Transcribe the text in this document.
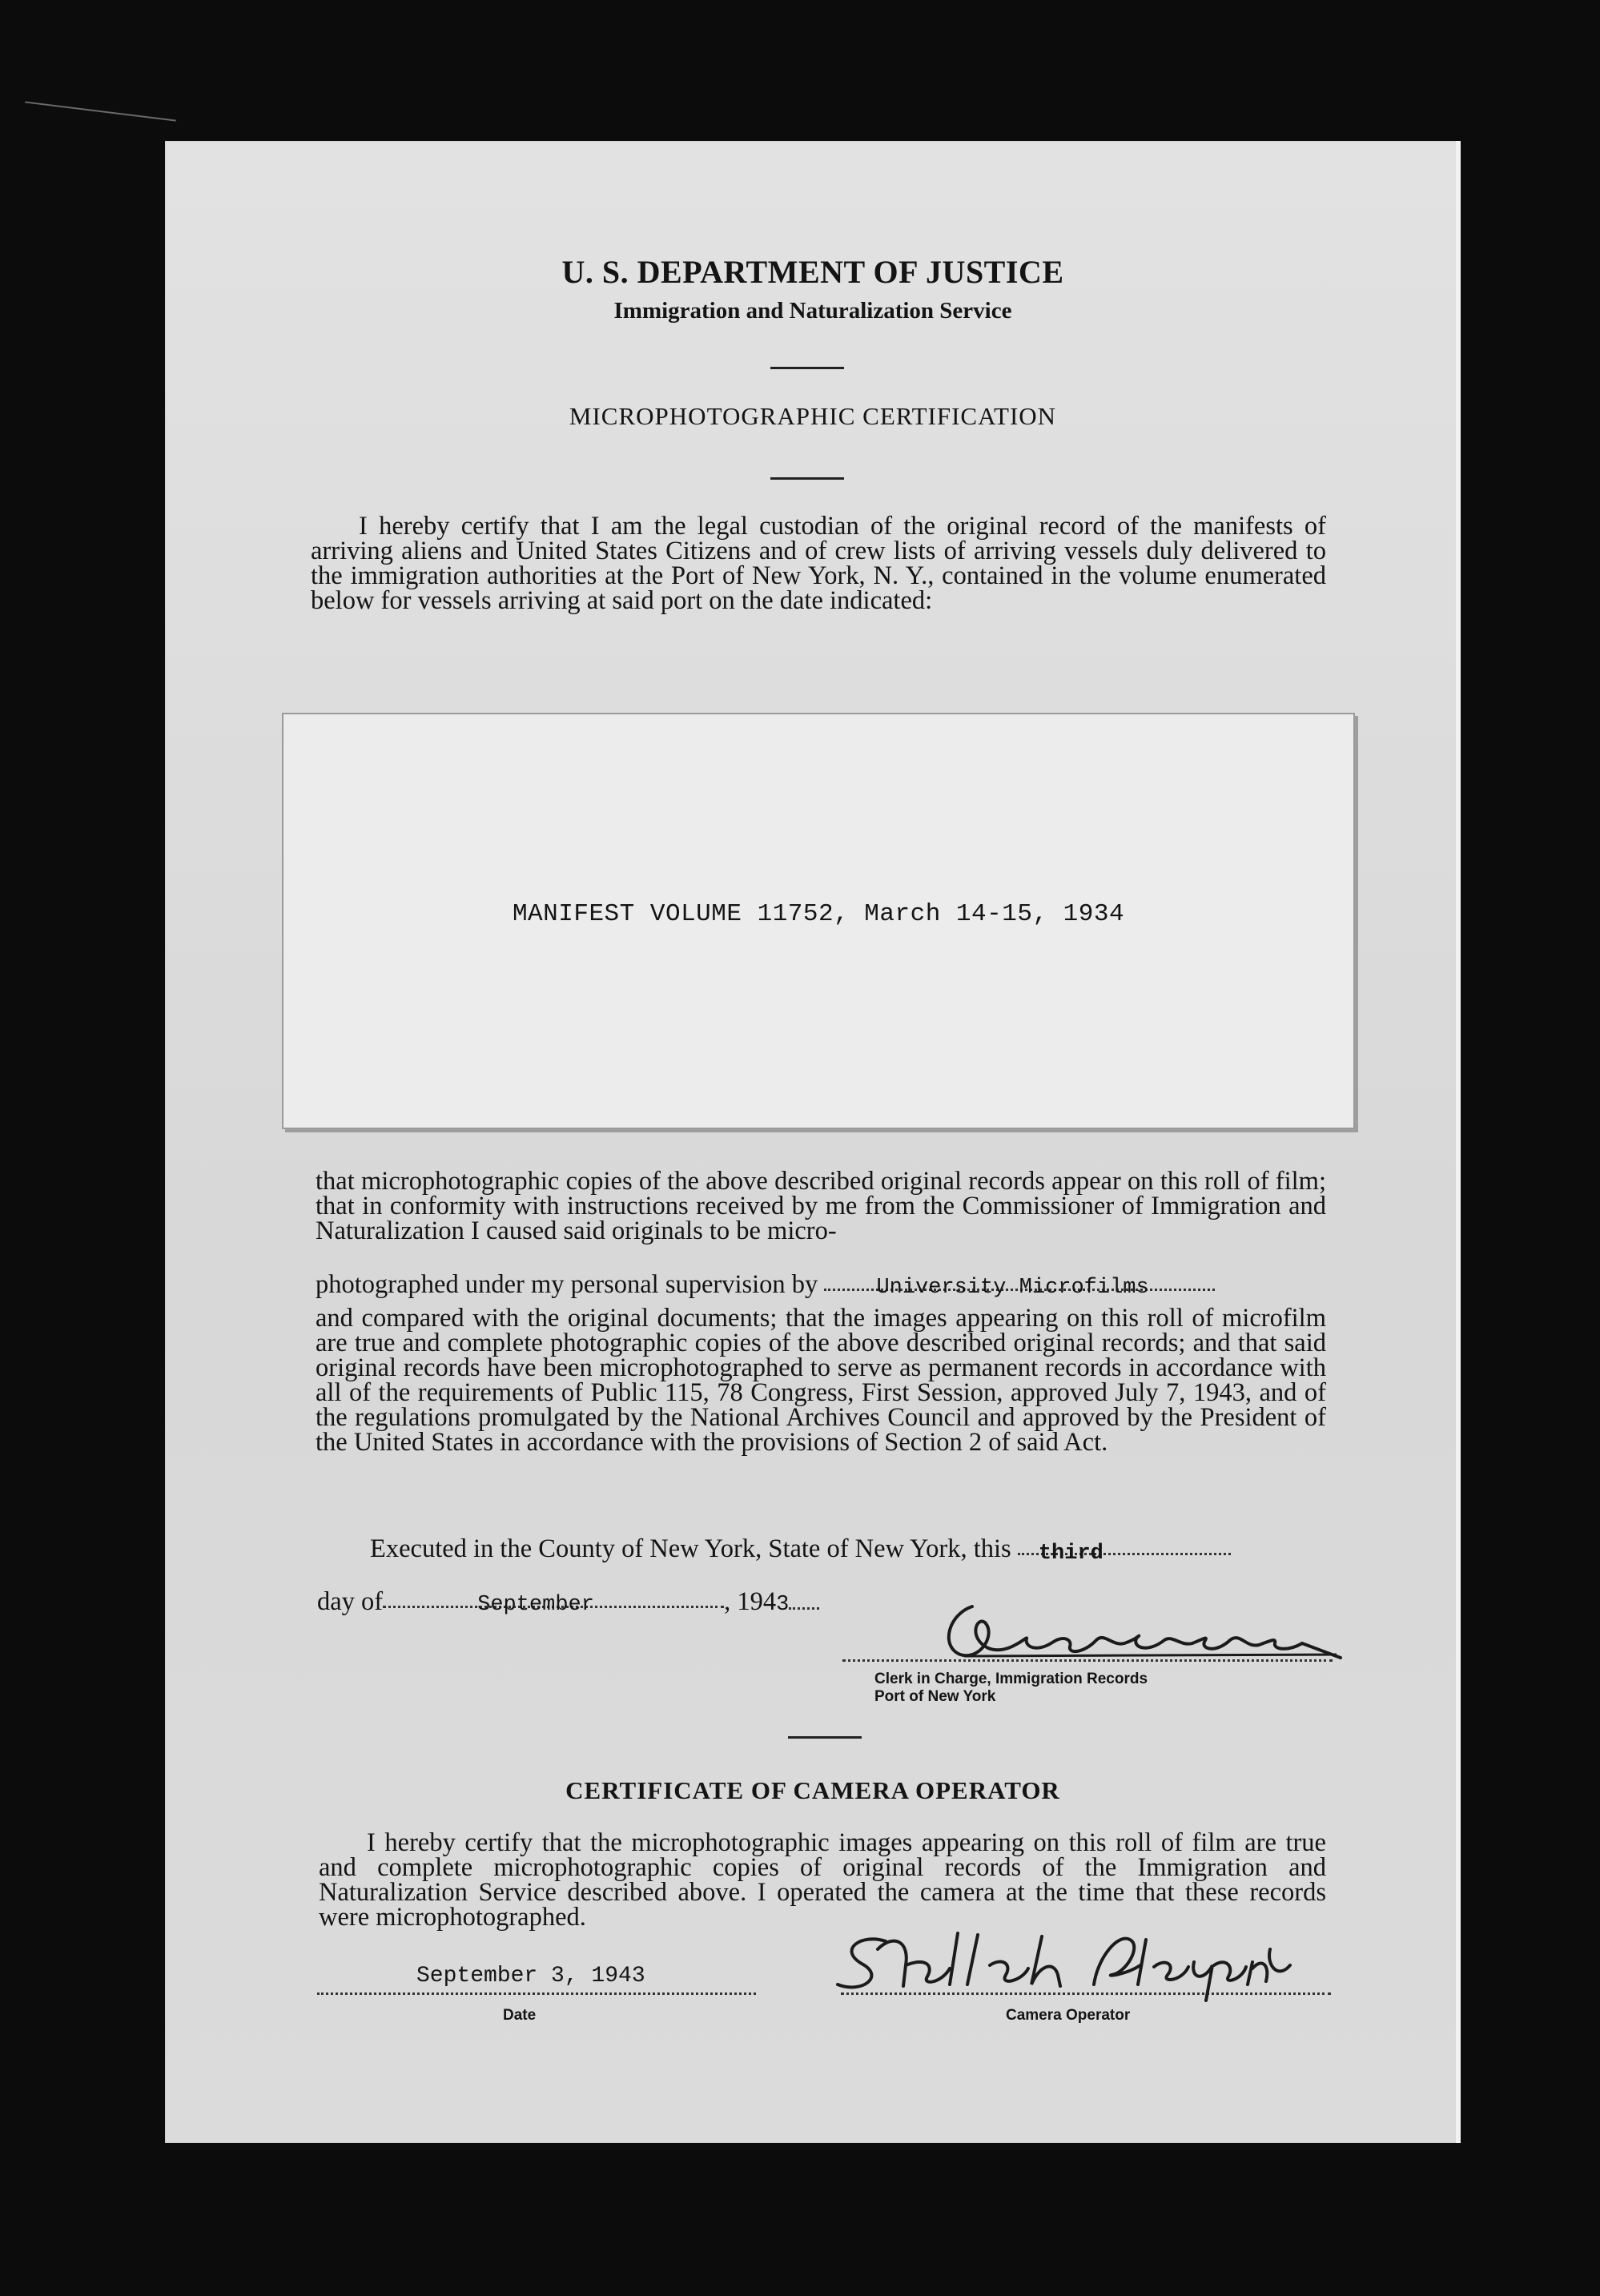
U. S. DEPARTMENT OF JUSTICE
Immigration and Naturalization Service
MICROPHOTOGRAPHIC CERTIFICATION
I hereby certify that I am the legal custodian of the original record of the manifests of arriving aliens and United States Citizens and of crew lists of arriving vessels duly delivered to the immigration authorities at the Port of New York, N. Y., contained in the volume enumerated below for vessels arriving at said port on the date indicated:
MANIFEST VOLUME 11752, March 14-15, 1934
that microphotographic copies of the above described original records appear on this roll of film; that in conformity with instructions received by me from the Commissioner of Immigration and Naturalization I caused said originals to be micro-
photographed under my personal supervision by	University Microfilms
and compared with the original documents; that the images appearing on this roll of microfilm are true and complete photographic copies of the above described original records; and that said original records have been microphotographed to serve as permanent records in accordance with all of the requirements of Public 115, 78 Congress, First Session, approved July 7, 1943, and of the regulations promulgated by the National Archives Council and approved by the President of the United States in accordance with the provisions of Section 2 of said Act.
Executed in the County of New York, State of New York, this third
day of	September	, 1943
Clerk in Charge, Immigration Records
Port of New York
CERTIFICATE OF CAMERA OPERATOR
I hereby certify that the microphotographic images appearing on this roll of film are true and complete microphotographic copies of original records of the Immigration and Naturalization Service described above. I operated the camera at the time that these records were microphotographed.
September 3, 1943
Date	Camera Operator
